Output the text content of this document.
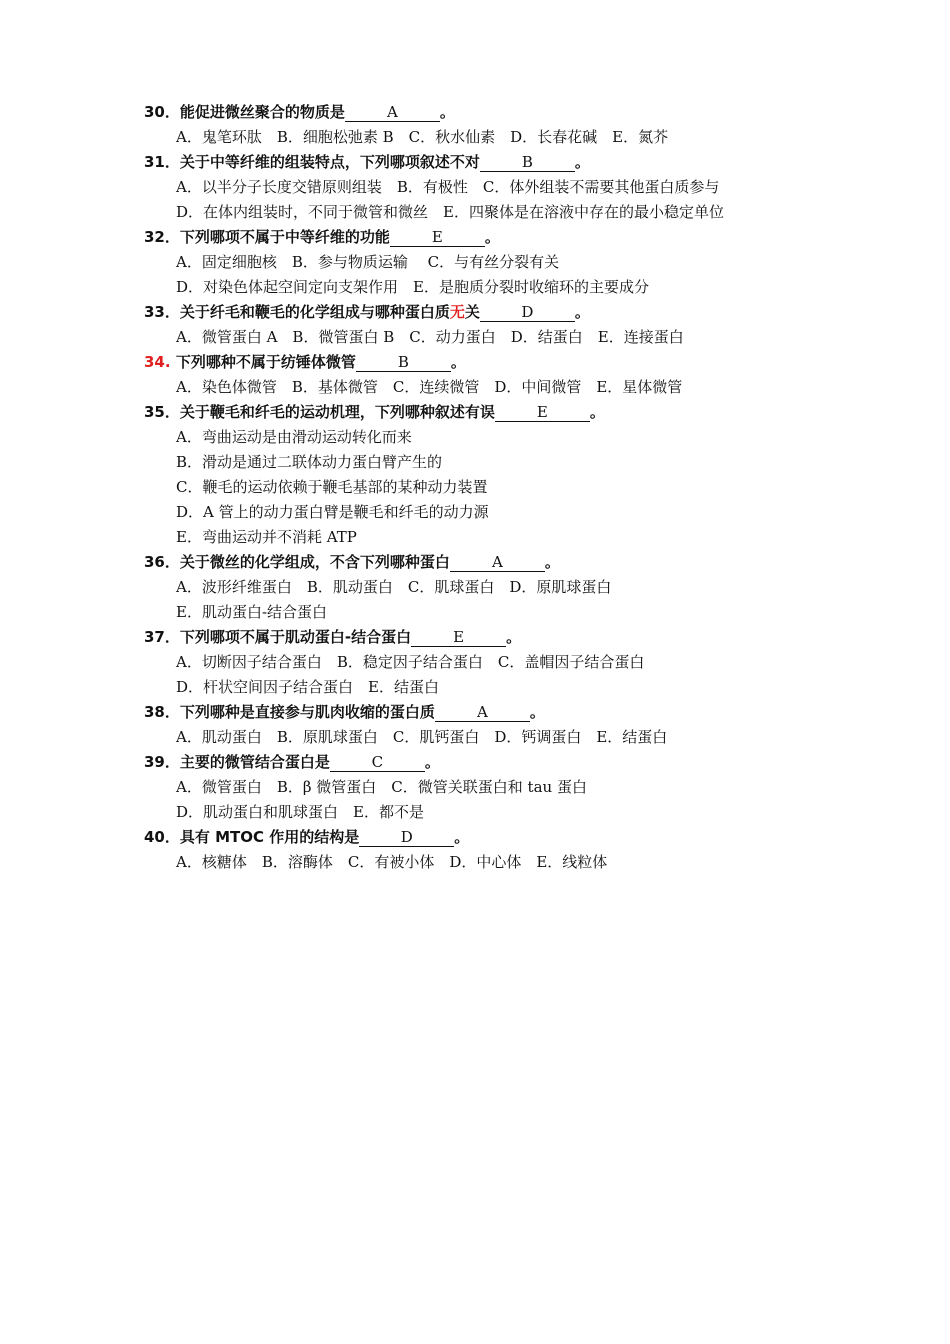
30．能促进微丝聚合的物质是	A	。
A．鬼笔环肽　B．细胞松弛素 B　C．秋水仙素　D．长春花碱　E．氮芥
31．关于中等纤维的组装特点，下列哪项叙述不对	B	。
A．以半分子长度交错原则组装　B．有极性　C．体外组装不需要其他蛋白质参与
D．在体内组装时，不同于微管和微丝　E．四聚体是在溶液中存在的最小稳定单位
32．下列哪项不属于中等纤维的功能	E	。
A．固定细胞核　B．参与物质运输　 C．与有丝分裂有关
D．对染色体起空间定向支架作用　E．是胞质分裂时收缩环的主要成分
33．关于纤毛和鞭毛的化学组成与哪种蛋白质无关	D	。
A．微管蛋白 A　B．微管蛋白 B　C．动力蛋白　D．结蛋白　E．连接蛋白
34. 下列哪种不属于纺锤体微管	B	。
A．染色体微管　B．基体微管　C．连续微管　D．中间微管　E．星体微管
35．关于鞭毛和纤毛的运动机理，下列哪种叙述有误	E	。
A．弯曲运动是由滑动运动转化而来
B．滑动是通过二联体动力蛋白臂产生的
C．鞭毛的运动依赖于鞭毛基部的某种动力装置
D．A 管上的动力蛋白臂是鞭毛和纤毛的动力源
E．弯曲运动并不消耗 ATP
36．关于微丝的化学组成，不含下列哪种蛋白	A	。
A．波形纤维蛋白　B．肌动蛋白　C．肌球蛋白　D．原肌球蛋白
E．肌动蛋白-结合蛋白
37．下列哪项不属于肌动蛋白-结合蛋白	E	。
A．切断因子结合蛋白　B．稳定因子结合蛋白　C．盖帽因子结合蛋白
D．杆状空间因子结合蛋白　E．结蛋白
38．下列哪种是直接参与肌肉收缩的蛋白质	A	。
A．肌动蛋白　B．原肌球蛋白　C．肌钙蛋白　D．钙调蛋白　E．结蛋白
39．主要的微管结合蛋白是	C	。
A．微管蛋白　B．β 微管蛋白　C．微管关联蛋白和 tau 蛋白
D．肌动蛋白和肌球蛋白　E．都不是
40．具有 MTOC 作用的结构是	D	。
A．核糖体　B．溶酶体　C．有被小体　D．中心体　E．线粒体
